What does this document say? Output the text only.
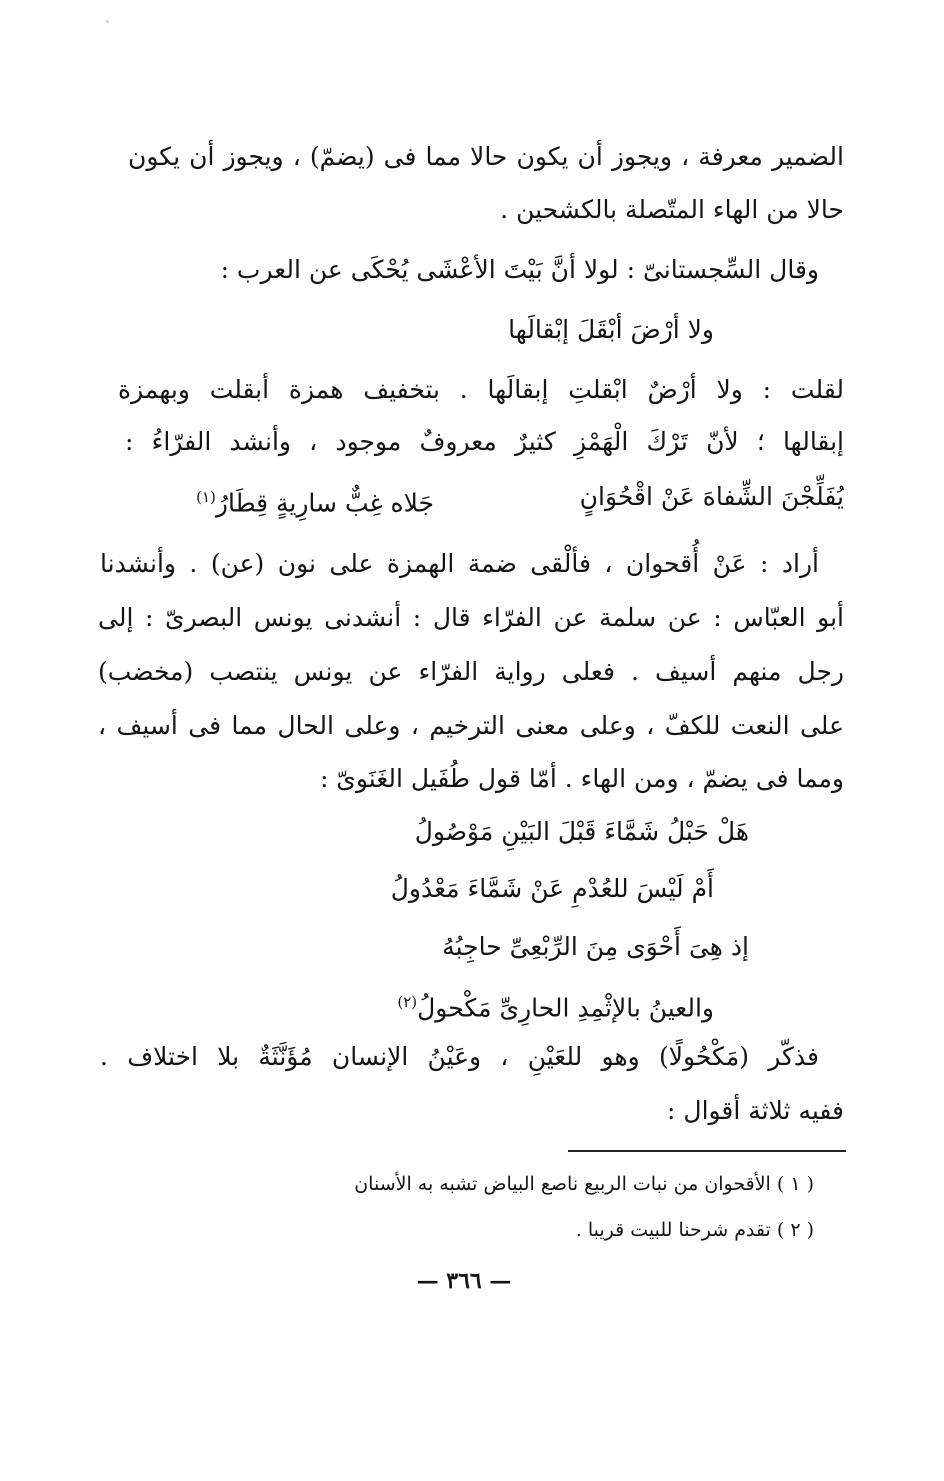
الضمير معرفة ، ويجوز أن يكون حالا مما فى (يضمّ) ، ويجوز أن يكون
حالا من الهاء المتّصلة بالكشحين .
وقال السِّجستانىّ : لولا أنَّ بَيْتَ الأعْشَى يُحْكَى عن العرب :
ولا أرْضَ أبْقَلَ إبْقالَها
لقلت : ولا أرْضٌ ابْقلتِ إبقالَها . بتخفيف همزة أبقلت وبهمزة
إبقالها ؛ لأنّ تَرْكَ الْهَمْزِ كثيرٌ معروفٌ موجود ، وأنشد الفرّاءُ :
يُفَلِّجْنَ الشِّفاهَ عَنْ اقْحُوَانٍ
جَلاه غِبٌّ سارِيةٍ قِطَارُ$^{(١)}$
أراد : عَنْ أُقحوان ، فألْقى ضمة الهمزة على نون (عن) . وأنشدنا
أبو العبّاس : عن سلمة عن الفرّاء قال : أنشدنى يونس البصرىّ : إلى
رجل منهم أسيف . فعلى رواية الفرّاء عن يونس ينتصب (مخضب)
على النعت للكفّ ، وعلى معنى الترخيم ، وعلى الحال مما فى أسيف ،
ومما فى يضمّ ، ومن الهاء . أمّا قول طُفَيل الغَنَوىّ :
هَلْ حَبْلُ شَمَّاءَ قَبْلَ البَيْنِ مَوْصُولُ
أَمْ لَيْسَ للعُدْمِ عَنْ شَمَّاءَ مَعْدُولُ
إذ هِىَ أَحْوَى مِنَ الرِّبْعِىِّ حاجِبُهُ
والعينُ بالإثْمِدِ الحارِىِّ مَكْحولُ$^{(٢)}$
فذكّر (مَكْحُولًا) وهو للعَيْنِ ، وعَيْنُ الإنسان مُؤَنَّثَةٌ بلا اختلاف .
ففيه ثلاثة أقوال :
( ١ ) الأقحوان من نبات الربيع ناصع البياض تشبه به الأسنان
( ٢ ) تقدم شرحنا للبيت قريبا .
— ٣٦٦ —
